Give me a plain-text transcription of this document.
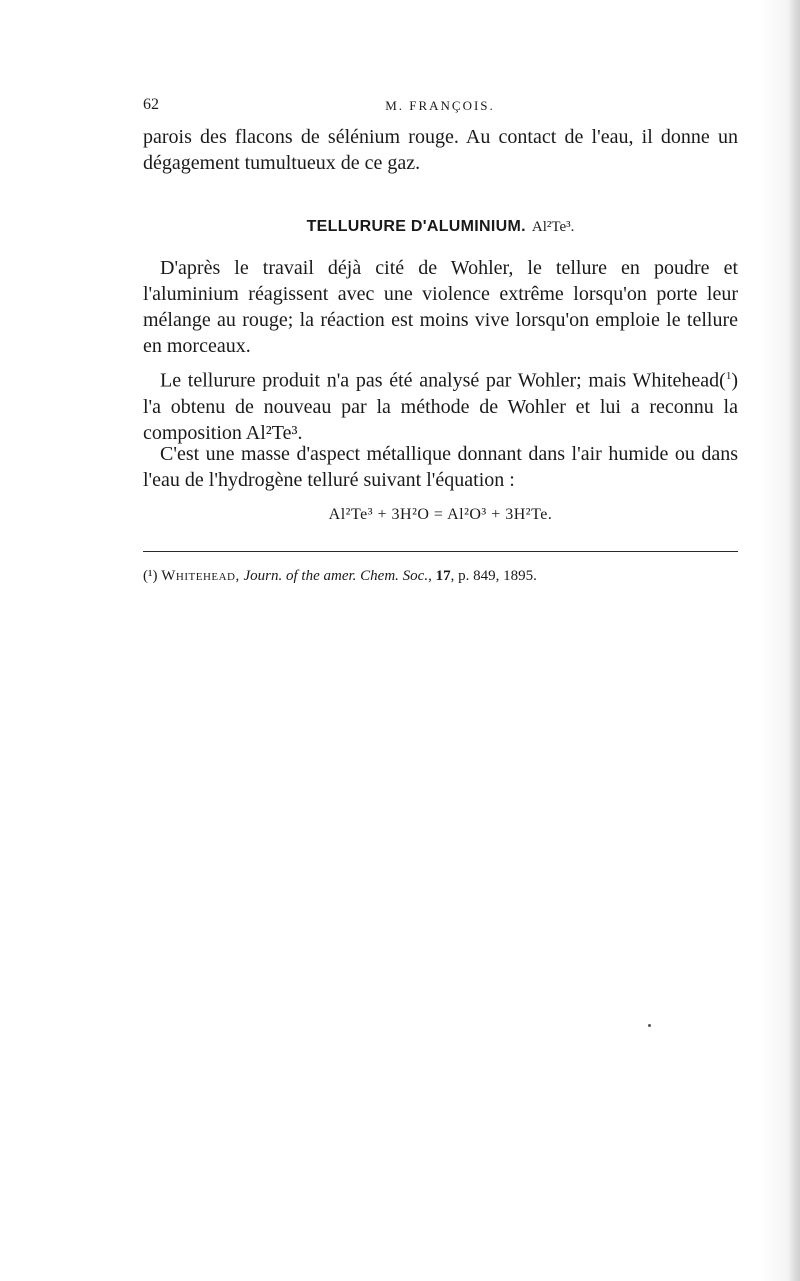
62	M. FRANÇOIS.

parois des flacons de sélénium rouge. Au contact de l'eau, il donne un dégagement tumultueux de ce gaz.

TELLURURE D'ALUMINIUM. Al²Te³.

D'après le travail déjà cité de Wohler, le tellure en poudre et l'aluminium réagissent avec une violence extrême lorsqu'on porte leur mélange au rouge; la réaction est moins vive lorsqu'on emploie le tellure en morceaux.

Le tellurure produit n'a pas été analysé par Wohler; mais Whitehead($^1$) l'a obtenu de nouveau par la méthode de Wohler et lui a reconnu la composition Al²Te³.

C'est une masse d'aspect métallique donnant dans l'air humide ou dans l'eau de l'hydrogène telluré suivant l'équation :

Al²Te³ + 3H²O = Al²O³ + 3H²Te.
(¹) Whitehead, Journ. of the amer. Chem. Soc., 17, p. 849, 1895.
